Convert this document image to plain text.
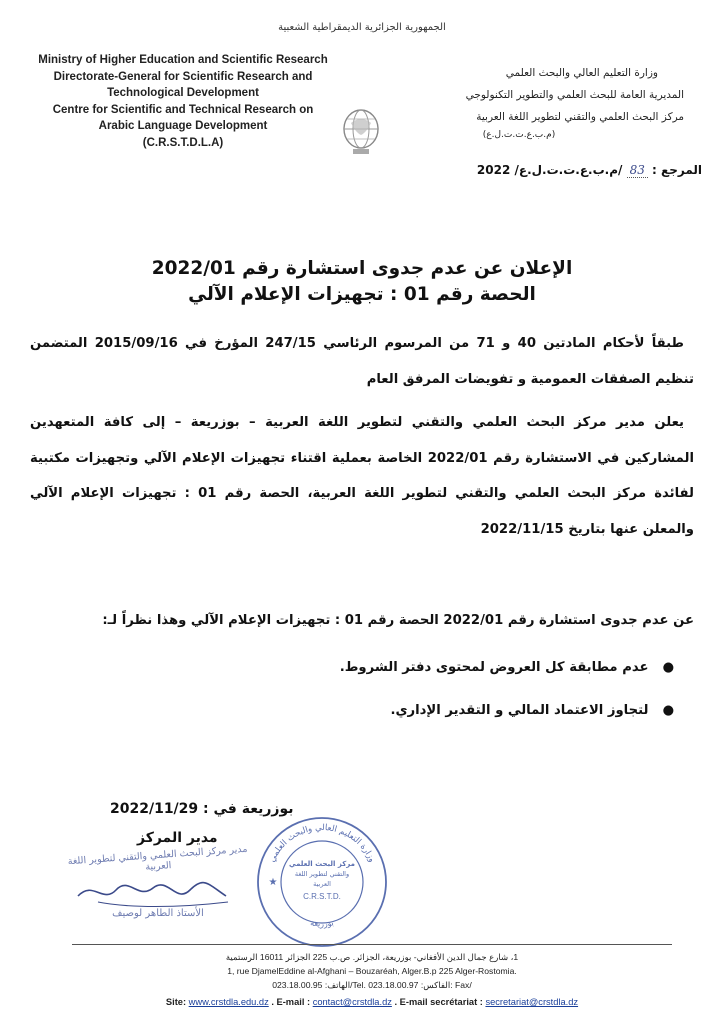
الجمهورية الجزائرية الديمقراطية الشعبية
Ministry of Higher Education and Scientific Research
Directorate-General for Scientific Research and Technological Development
Centre for Scientific and Technical Research on Arabic Language Development
(C.R.S.T.D.L.A)
وزارة التعليم العالي والبحث العلمي
المديرية العامة للبحث العلمي والتطوير التكنولوجي
مركز البحث العلمي والتقني لتطوير اللغة العربية
(م.ب.ع.ت.ت.ل.ع)
المرجع : 83 /م.ب.ع.ت.ت.ل.ع/ 2022
الإعلان عن عدم جدوى استشارة رقم 2022/01
الحصة رقم 01 : تجهيزات الإعلام الآلي

طبقاً لأحكام المادتين 40 و 71 من المرسوم الرئاسي 247/15 المؤرخ في 2015/09/16 المتضمن تنظيم الصفقات العمومية و تفويضات المرفق العام

يعلن مدير مركز البحث العلمي والتقني لتطوير اللغة العربية – بوزريعة – إلى كافة المتعهدين المشاركين في الاستشارة رقم 2022/01 الخاصة بعملية اقتناء تجهيزات الإعلام الآلي وتجهيزات مكتبية لفائدة مركز البحث العلمي والتقني لتطوير اللغة العربية، الحصة رقم 01 : تجهيزات الإعلام الآلي والمعلن عنها بتاريخ 2022/11/15

عن عدم جدوى استشارة رقم 2022/01 الحصة رقم 01 : تجهيزات الإعلام الآلي وهذا نظراً لـ:
●عدم مطابقة كل العروض لمحتوى دفتر الشروط.
●لتجاوز الاعتماد المالي و التقدير الإداري.
بوزريعة في : 2022/11/29
مدير المركز
مدير مركز البحث العلمي والتقني لتطوير اللغة العربية
الأستاذ الطاهر لوصيف
وزارة التعليم العالي والبحث العلمي
بوزريعة
مركز البحث العلمي
والتقني لتطوير اللغة
العربية
C.R.S.T.D.
★
1، شارع جمال الدين الأفغاني- بوزريعة، الجزائر. ص.ب 225 الجزائر 16011 الرستمية
1, rue DjamelEddine al-Afghani – Bouzaréah, Alger.B.p 225 Alger-Rostomia.
الهاتف: 023.18.00.95/Tel. الفاكس: 023.18.00.97: Fax/
Site: www.crstdla.edu.dz . E-mail : contact@crstdla.dz . E-mail secrétariat : secretariat@crstdla.dz
